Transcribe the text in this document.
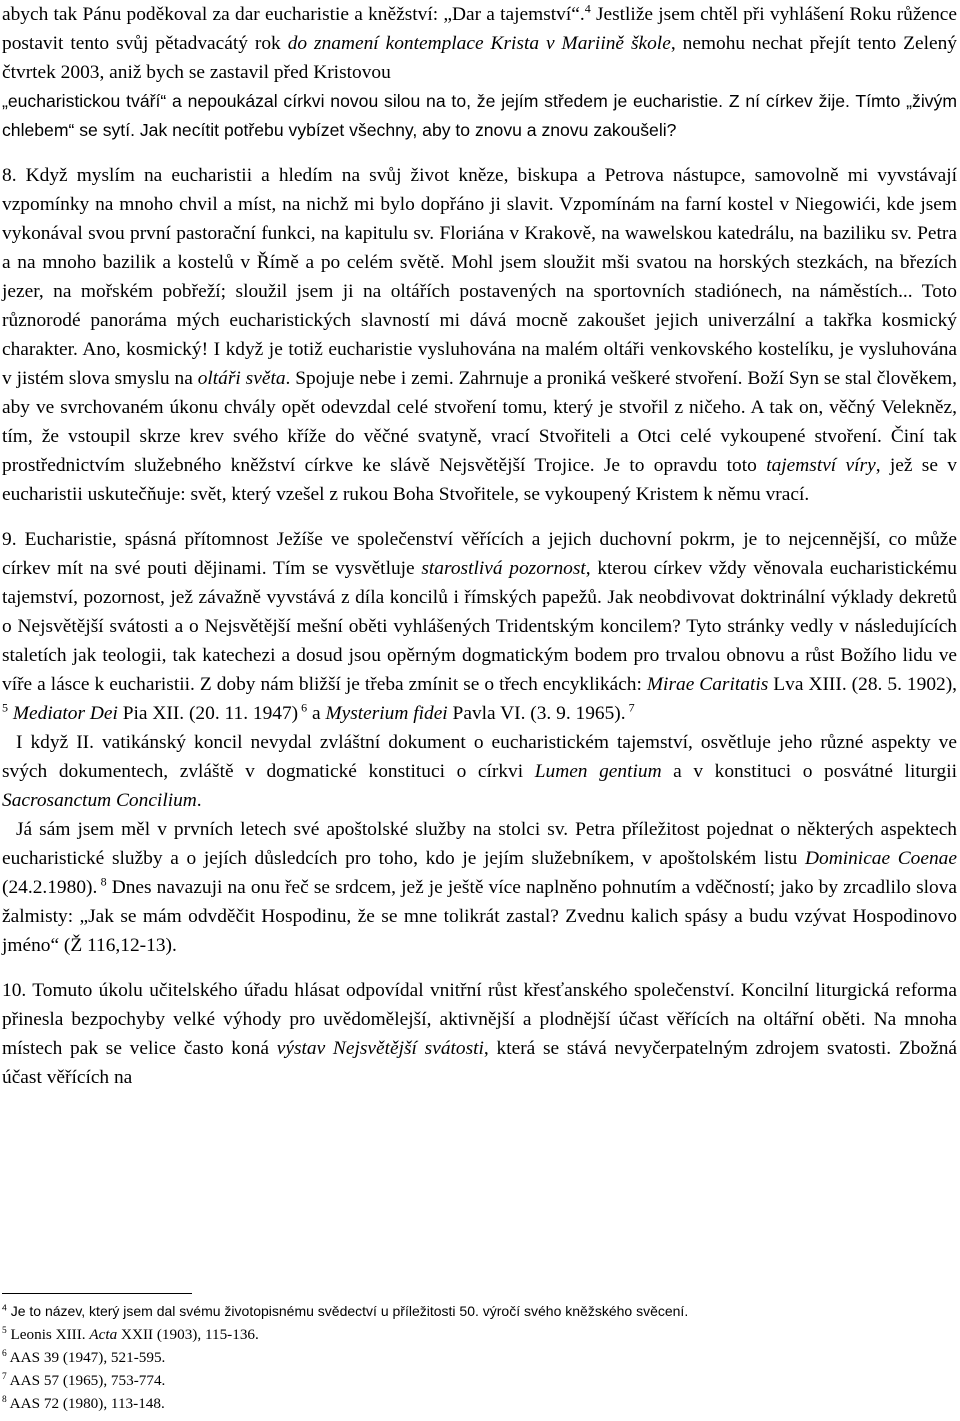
abych tak Pánu poděkoval za dar eucharistie a kněžství: „Dar a tajemství“.$^4$ Jestliže jsem chtěl při vyhlášení Roku růžence postavit tento svůj pětadvacátý rok do znamení kontemplace Krista v Mariině škole, nemohu nechat přejít tento Zelený čtvrtek 2003, aniž bych se zastavil před Kristovou

„eucharistickou tváří“ a nepoukázal církvi novou silou na to, že jejím středem je eucharistie. Z ní církev žije. Tímto „živým chlebem“ se sytí. Jak necítit potřebu vybízet všechny, aby to znovu a znovu zakoušeli?

8. Když myslím na eucharistii a hledím na svůj život kněze, biskupa a Petrova nástupce, samovolně mi vyvstávají vzpomínky na mnoho chvil a míst, na nichž mi bylo dopřáno ji slavit. Vzpomínám na farní kostel v Niegowići, kde jsem vykonával svou první pastorační funkci, na kapitulu sv. Floriána v Krakově, na wawelskou katedrálu, na baziliku sv. Petra a na mnoho bazilik a kostelů v Římě a po celém světě. Mohl jsem sloužit mši svatou na horských stezkách, na březích jezer, na mořském pobřeží; sloužil jsem ji na oltářích postavených na sportovních stadiónech, na náměstích... Toto různorodé panoráma mých eucharistických slavností mi dává mocně zakoušet jejich univerzální a takřka kosmický charakter. Ano, kosmický! I když je totiž eucharistie vysluhována na malém oltáři venkovského kostelíku, je vysluhována v jistém slova smyslu na oltáři světa. Spojuje nebe i zemi. Zahrnuje a proniká veškeré stvoření. Boží Syn se stal člověkem, aby ve svrchovaném úkonu chvály opět odevzdal celé stvoření tomu, který je stvořil z ničeho. A tak on, věčný Velekněz, tím, že vstoupil skrze krev svého kříže do věčné svatyně, vrací Stvořiteli a Otci celé vykoupené stvoření. Činí tak prostřednictvím služebného kněžství církve ke slávě Nejsvětější Trojice. Je to opravdu toto tajemství víry, jež se v eucharistii uskutečňuje: svět, který vzešel z rukou Boha Stvořitele, se vykoupený Kristem k němu vrací.

9. Eucharistie, spásná přítomnost Ježíše ve společenství věřících a jejich duchovní pokrm, je to nejcennější, co může církev mít na své pouti dějinami. Tím se vysvětluje starostlivá pozornost, kterou církev vždy věnovala eucharistickému tajemství, pozornost, jež závažně vyvstává z díla koncilů i římských papežů. Jak neobdivovat doktrinální výklady dekretů o Nejsvětější svátosti a o Nejsvětější mešní oběti vyhlášených Tridentským koncilem? Tyto stránky vedly v následujících staletích jak teologii, tak katechezi a dosud jsou opěrným dogmatickým bodem pro trvalou obnovu a růst Božího lidu ve víře a lásce k eucharistii. Z doby nám bližší je třeba zmínit se o třech encyklikách: Mirae Caritatis Lva XIII. (28. 5. 1902), $^5$ Mediator Dei Pia XII. (20. 11. 1947) $^6$ a Mysterium fidei Pavla VI. (3. 9. 1965). $^7$

I když II. vatikánský koncil nevydal zvláštní dokument o eucharistickém tajemství, osvětluje jeho různé aspekty ve svých dokumentech, zvláště v dogmatické konstituci o církvi Lumen gentium a v konstituci o posvátné liturgii Sacrosanctum Concilium.

Já sám jsem měl v prvních letech své apoštolské služby na stolci sv. Petra příležitost pojednat o některých aspektech eucharistické služby a o jejích důsledcích pro toho, kdo je jejím služebníkem, v apoštolském listu Dominicae Coenae (24.2.1980). $^8$ Dnes navazuji na onu řeč se srdcem, jež je ještě více naplněno pohnutím a vděčností; jako by zrcadlilo slova žalmisty: „Jak se mám odvděčit Hospodinu, že se mne tolikrát zastal? Zvednu kalich spásy a budu vzývat Hospodinovo jméno“ (Ž 116,12-13).

10. Tomuto úkolu učitelského úřadu hlásat odpovídal vnitřní růst křesťanského společenství. Koncilní liturgická reforma přinesla bezpochyby velké výhody pro uvědomělejší, aktivnější a plodnější účast věřících na oltářní oběti. Na mnoha místech pak se velice často koná výstav Nejsvětější svátosti, která se stává nevyčerpatelným zdrojem svatosti. Zbožná účast věřících na

$^4$ Je to název, který jsem dal svému životopisnému svědectví u příležitosti 50. výročí svého kněžského svěcení.

$^5$ Leonis XIII. Acta XXII (1903), 115-136.

$^6$ AAS 39 (1947), 521-595.

$^7$ AAS 57 (1965), 753-774.

$^8$ AAS 72 (1980), 113-148.
